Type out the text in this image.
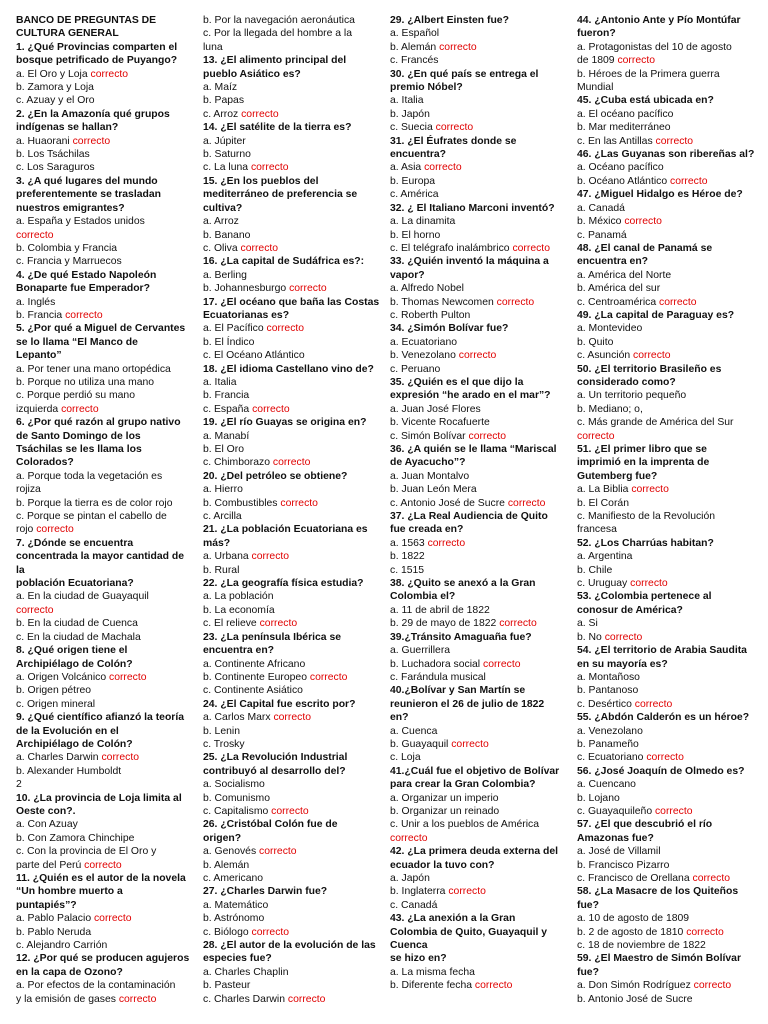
BANCO DE PREGUNTAS DE
CULTURA GENERAL
1. ¿Qué Provincias comparten el
bosque petrificado de Puyango?
a. El Oro y Loja correcto
b. Zamora y Loja
c. Azuay y el Oro
2. ¿En la Amazonía qué grupos
indígenas se hallan?
a. Huaorani correcto
b. Los Tsáchilas
c. Los Saraguros
3. ¿A qué lugares del mundo
preferentemente se trasladan
nuestros emigrantes?
a. España y Estados unidos
correcto
b. Colombia y Francia
c. Francia y Marruecos
4. ¿De qué Estado Napoleón
Bonaparte fue Emperador?
a. Inglés
b. Francia correcto
5. ¿Por qué a Miguel de Cervantes
se lo llama “El Manco de
Lepanto”
a. Por tener una mano ortopédica
b. Porque no utiliza una mano
c. Porque perdió su mano
izquierda correcto
6. ¿Por qué razón al grupo nativo
de Santo Domingo de los
Tsáchilas se les llama los
Colorados?
a. Porque toda la vegetación es
rojiza
b. Porque la tierra es de color rojo
c. Porque se pintan el cabello de
rojo correcto
7. ¿Dónde se encuentra
concentrada la mayor cantidad de
la
población Ecuatoriana?
a. En la ciudad de Guayaquil
correcto
b. En la ciudad de Cuenca
c. En la ciudad de Machala
8. ¿Qué origen tiene el
Archipiélago de Colón?
a. Origen Volcánico correcto
b. Origen pétreo
c. Origen mineral
9. ¿Qué científico afianzó la teoría
de la Evolución en el
Archipiélago de Colón?
a. Charles Darwin correcto
b. Alexander Humboldt
2
10. ¿La provincia de Loja limita al
Oeste con?.
a. Con Azuay
b. Con Zamora Chinchipe
c. Con la provincia de El Oro y
parte del Perú correcto
11. ¿Quién es el autor de la novela
“Un hombre muerto a
puntapiés”?
a. Pablo Palacio correcto
b. Pablo Neruda
c. Alejandro Carrión
12. ¿Por qué se producen agujeros
en la capa de Ozono?
a. Por efectos de la contaminación
y la emisión de gases correcto
b. Por la navegación aeronáutica
c. Por la llegada del hombre a la
luna
13. ¿El alimento principal del
pueblo Asiático es?
a. Maíz
b. Papas
c. Arroz correcto
14. ¿El satélite de la tierra es?
a. Júpiter
b. Saturno
c. La luna correcto
15. ¿En los pueblos del
mediterráneo de preferencia se
cultiva?
a. Arroz
b. Banano
c. Oliva correcto
16. ¿La capital de Sudáfrica es?:
a. Berling
b. Johannesburgo correcto
17. ¿El océano que baña las Costas
Ecuatorianas es?
a. El Pacífico correcto
b. El Índico
c. El Océano Atlántico
18. ¿El idioma Castellano vino de?
a. Italia
b. Francia
c. España correcto
19. ¿El río Guayas se origina en?
a. Manabí
b. El Oro
c. Chimborazo correcto
20. ¿Del petróleo se obtiene?
a. Hierro
b. Combustibles correcto
c. Arcilla
21. ¿La población Ecuatoriana es
más?
a. Urbana correcto
b. Rural
22. ¿La geografía física estudia?
a. La población
b. La economía
c. El relieve correcto
23. ¿La península Ibérica se
encuentra en?
a. Continente Africano
b. Continente Europeo correcto
c. Continente Asiático
24. ¿El Capital fue escrito por?
a. Carlos Marx correcto
b. Lenin
c. Trosky
25. ¿La Revolución Industrial
contribuyó al desarrollo del?
a. Socialismo
b. Comunismo
c. Capitalismo correcto
26. ¿Cristóbal Colón fue de
origen?
a. Genovés correcto
b. Alemán
c. Americano
27. ¿Charles Darwin fue?
a. Matemático
b. Astrónomo
c. Biólogo correcto
28. ¿El autor de la evolución de las
especies fue?
a. Charles Chaplin
b. Pasteur
c. Charles Darwin correcto
29. ¿Albert Einsten fue?
a. Español
b. Alemán correcto
c. Francés
30. ¿En qué país se entrega el
premio Nóbel?
a. Italia
b. Japón
c. Suecia correcto
31. ¿El Éufrates donde se
encuentra?
a. Asia correcto
b. Europa
c. América
32. ¿ El Italiano Marconi inventó?
a. La dinamita
b. El horno
c. El telégrafo inalámbrico correcto
33. ¿Quién inventó la máquina a
vapor?
a. Alfredo Nobel
b. Thomas Newcomen correcto
c. Roberth Pulton
34. ¿Simón Bolívar fue?
a. Ecuatoriano
b. Venezolano correcto
c. Peruano
35. ¿Quién es el que dijo la
expresión “he arado en el mar”?
a. Juan José Flores
b. Vicente Rocafuerte
c. Simón Bolívar correcto
36. ¿A quién se le llama “Mariscal
de Ayacucho”?
a. Juan Montalvo
b. Juan León Mera
c. Antonio José de Sucre correcto
37. ¿La Real Audiencia de Quito
fue creada en?
a. 1563 correcto
b. 1822
c. 1515
38. ¿Quito se anexó a la Gran
Colombia el?
a. 11 de abril de 1822
b. 29 de mayo de 1822 correcto
39.¿Tránsito Amaguaña fue?
a. Guerrillera
b. Luchadora social correcto
c. Farándula musical
40.¿Bolívar y San Martín se
reunieron el 26 de julio de 1822
en?
a. Cuenca
b. Guayaquil correcto
c. Loja
41.¿Cuál fue el objetivo de Bolívar
para crear la Gran Colombia?
a. Organizar un imperio
b. Organizar un reinado
c. Unir a los pueblos de América
correcto
42. ¿La primera deuda externa del
ecuador la tuvo con?
a. Japón
b. Inglaterra correcto
c. Canadá
43. ¿La anexión a la Gran
Colombia de Quito, Guayaquil y
Cuenca
se hizo en?
a. La misma fecha
b. Diferente fecha correcto
44. ¿Antonio Ante y Pío Montúfar
fueron?
a. Protagonistas del 10 de agosto
de 1809 correcto
b. Héroes de la Primera guerra
Mundial
45. ¿Cuba está ubicada en?
a. El océano pacífico
b. Mar mediterráneo
c. En las Antillas correcto
46. ¿Las Guyanas son ribereñas al?
a. Océano pacífico
b. Océano Atlántico correcto
47. ¿Miguel Hidalgo es Héroe de?
a. Canadá
b. México correcto
c. Panamá
48. ¿El canal de Panamá se
encuentra en?
a. América del Norte
b. América del sur
c. Centroamérica correcto
49. ¿La capital de Paraguay es?
a. Montevideo
b. Quito
c. Asunción correcto
50. ¿El territorio Brasileño es
considerado como?
a. Un territorio pequeño
b. Mediano; o,
c. Más grande de América del Sur
correcto
51. ¿El primer libro que se
imprimió en la imprenta de
Gutemberg fue?
a. La Biblia correcto
b. El Corán
c. Manifiesto de la Revolución
francesa
52. ¿Los Charrúas habitan?
a. Argentina
b. Chile
c. Uruguay correcto
53. ¿Colombia pertenece al
conosur de América?
a. Si
b. No correcto
54. ¿El territorio de Arabia Saudita
en su mayoría es?
a. Montañoso
b. Pantanoso
c. Desértico correcto
55. ¿Abdón Calderón es un héroe?
a. Venezolano
b. Panameño
c. Ecuatoriano correcto
56. ¿José Joaquín de Olmedo es?
a. Cuencano
b. Lojano
c. Guayaquileño correcto
57. ¿El que descubrió el río
Amazonas fue?
a. José de Villamil
b. Francisco Pizarro
c. Francisco de Orellana correcto
58. ¿La Masacre de los Quiteños
fue?
a. 10 de agosto de 1809
b. 2 de agosto de 1810 correcto
c. 18 de noviembre de 1822
59. ¿El Maestro de Simón Bolívar
fue?
a. Don Simón Rodríguez correcto
b. Antonio José de Sucre
